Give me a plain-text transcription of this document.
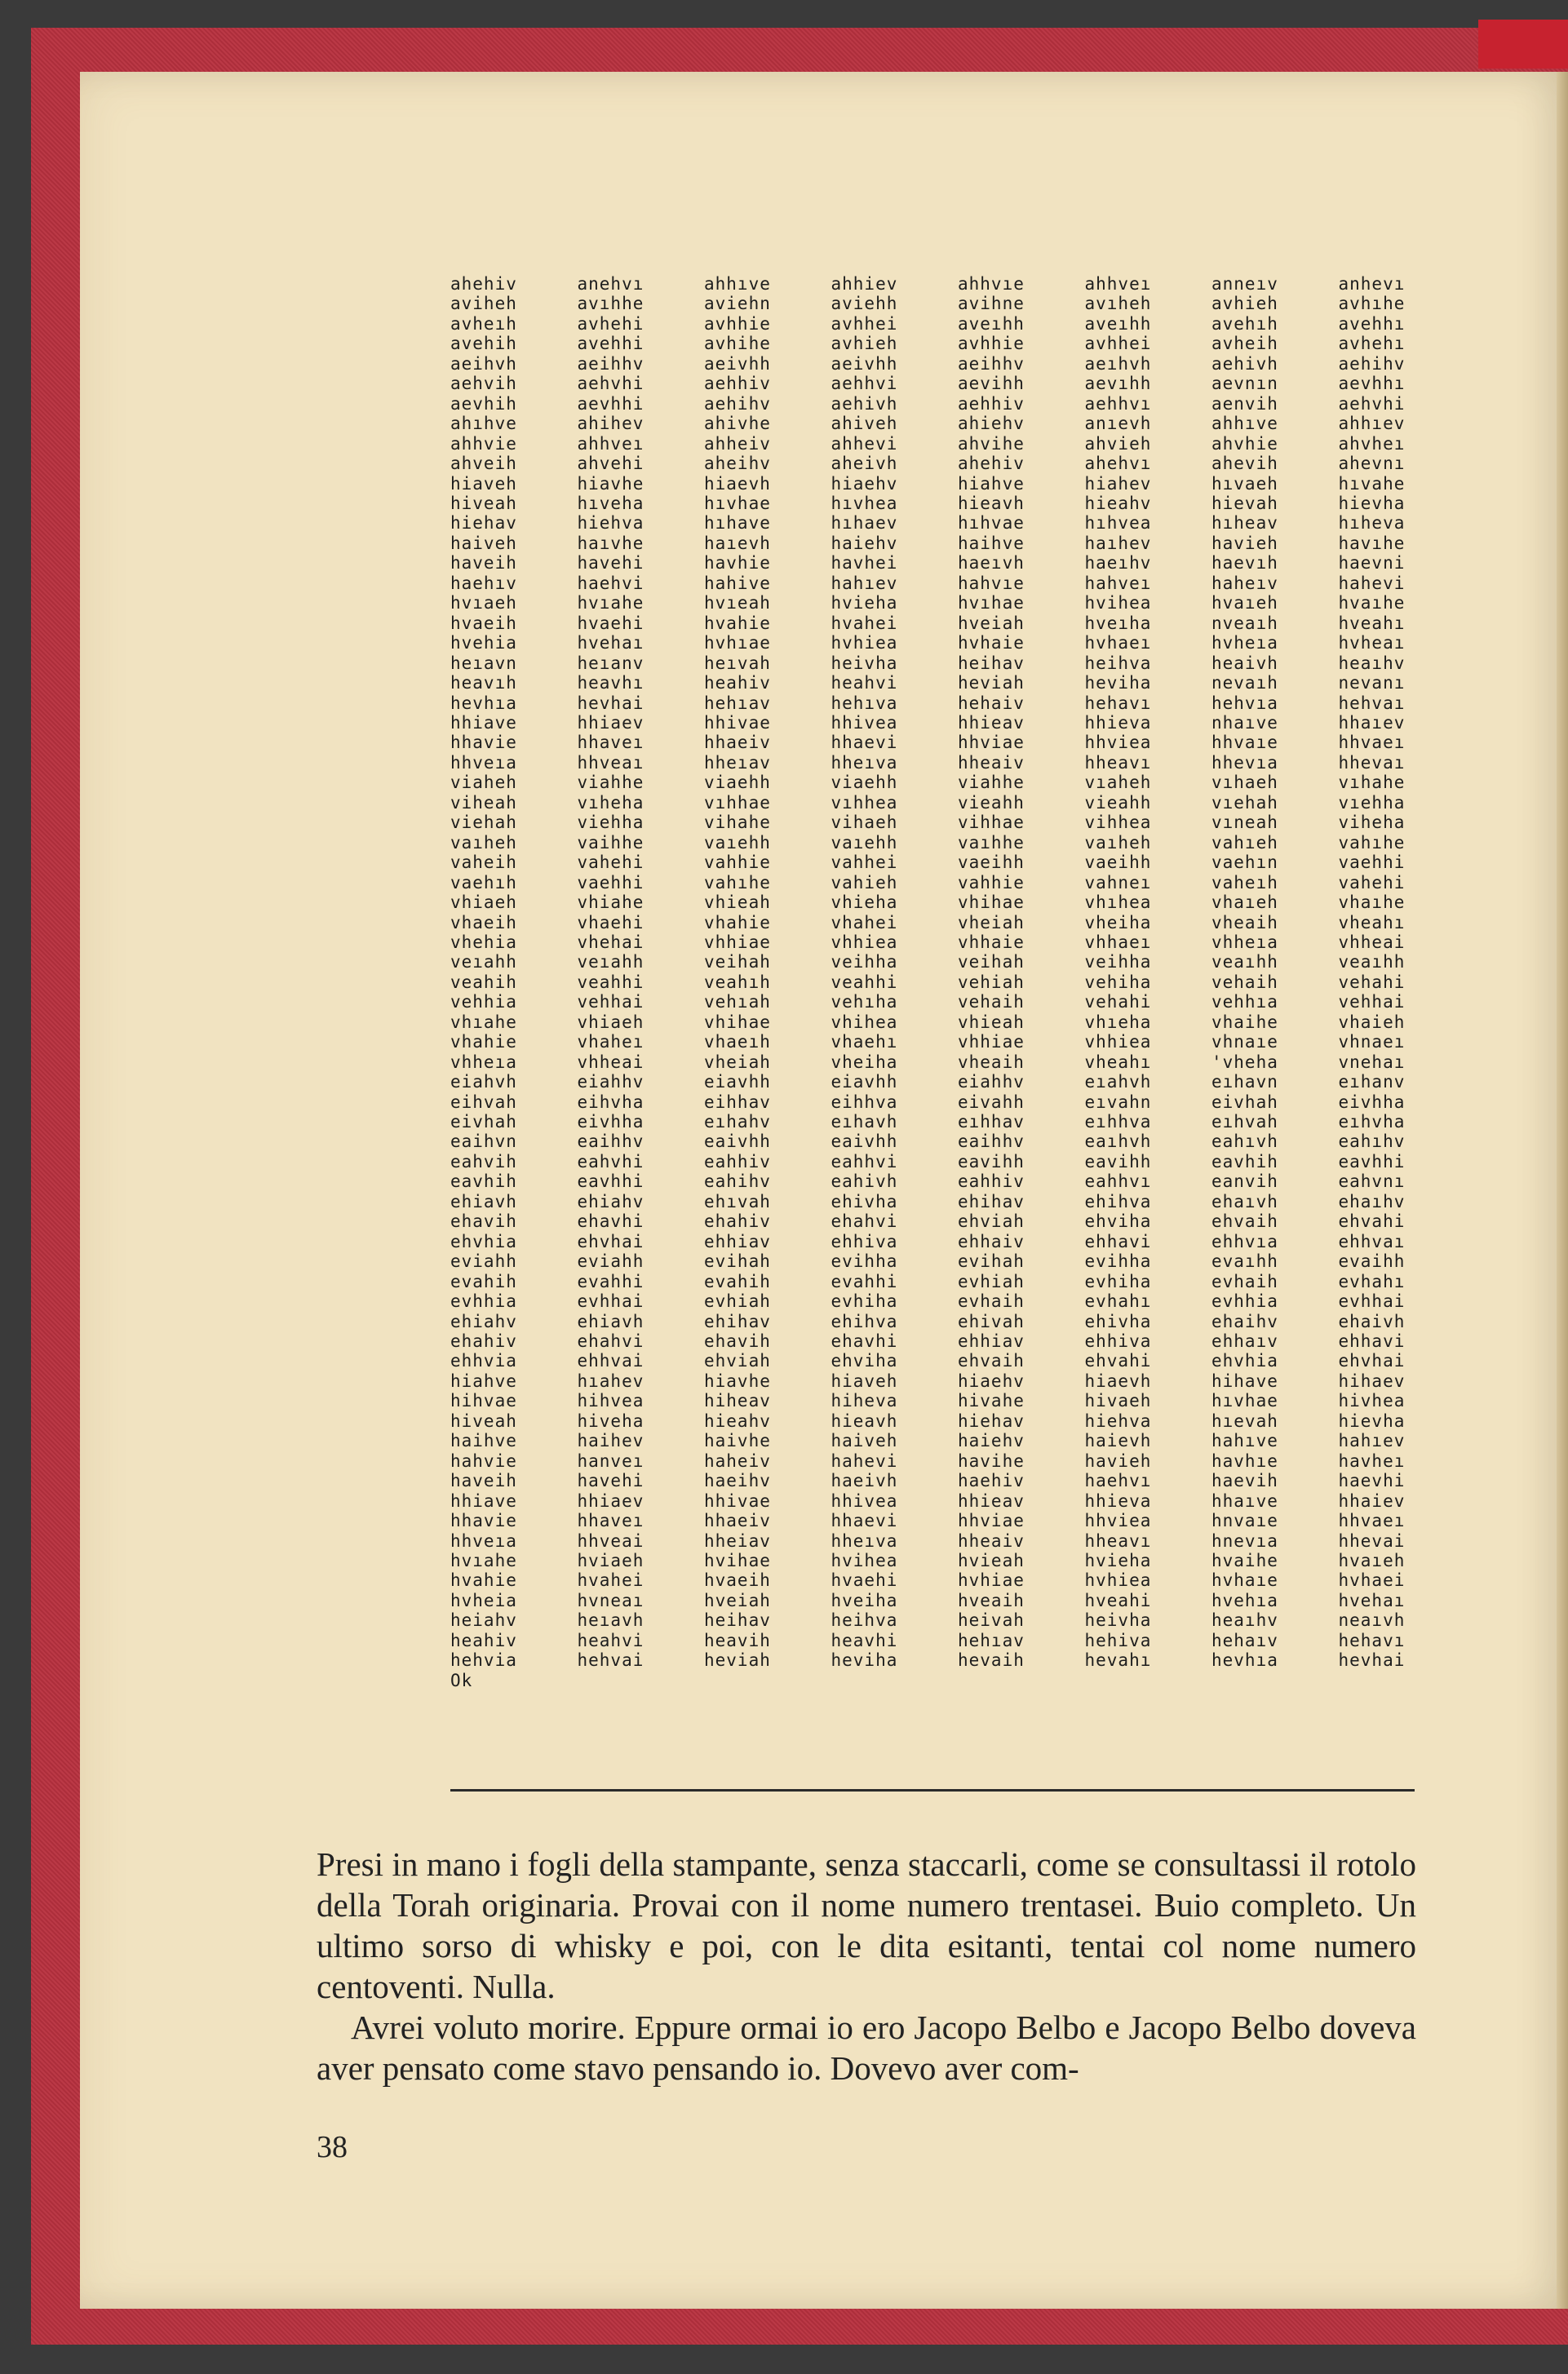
ahehiv	anehvı	ahhıve	ahhiev	ahhvıe	ahhveı	anneıv	anhevı
aviheh	avıhhe	aviehn	aviehh	avihne	avıheh	avhieh	avhıhe
avheıh	avhehi	avhhie	avhhei	aveıhh	aveıhh	avehıh	avehhı
avehih	avehhi	avhihe	avhieh	avhhie	avhhei	avheih	avhehı
aeihvh	aeihhv	aeivhh	aeivhh	aeihhv	aeıhvh	aehivh	aehihv
aehvih	aehvhi	aehhiv	aehhvi	aevihh	aevıhh	aevnın	aevhhı
aevhih	aevhhi	aehihv	aehivh	aehhiv	aehhvı	aenvih	aehvhi
ahıhve	ahihev	ahivhe	ahiveh	ahiehv	anıevh	ahhıve	ahhıev
ahhvie	ahhveı	ahheiv	ahhevi	ahvihe	ahvieh	ahvhie	ahvheı
ahveih	ahvehi	aheihv	aheivh	ahehiv	ahehvı	ahevih	ahevnı
hiaveh	hiavhe	hiaevh	hiaehv	hiahve	hiahev	hıvaeh	hıvahe
hiveah	hıveha	hıvhae	hıvhea	hieavh	hieahv	hievah	hievha
hiehav	hiehva	hıhave	hıhaev	hıhvae	hıhvea	hıheav	hıheva
haiveh	haıvhe	haıevh	haiehv	haihve	haıhev	havieh	havıhe
haveih	havehi	havhie	havhei	haeıvh	haeıhv	haevıh	haevni
haehıv	haehvi	hahive	hahıev	hahvıe	hahveı	haheıv	hahevi
hvıaeh	hvıahe	hvıeah	hvieha	hvıhae	hvihea	hvaıeh	hvaıhe
hvaeih	hvaehi	hvahie	hvahei	hveiah	hveıha	nveaıh	hveahı
hvehia	hvehaı	hvhıae	hvhiea	hvhaie	hvhaeı	hvheıa	hvheaı
heıavn	heıanv	heıvah	heivha	heihav	heihva	heaivh	heaıhv
heavıh	heavhı	heahiv	heahvi	heviah	heviha	nevaıh	nevanı
hevhıa	hevhai	hehıav	hehıva	hehaiv	hehavı	hehvıa	hehvaı
hhiave	hhiaev	hhivae	hhivea	hhieav	hhieva	nhaıve	hhaıev
hhavie	hhaveı	hhaeiv	hhaevi	hhviae	hhviea	hhvaıe	hhvaeı
hhveıa	hhveaı	hheıav	hheıva	hheaiv	hheavı	hhevıa	hhevaı
viaheh	viahhe	viaehh	viaehh	viahhe	vıaheh	vıhaeh	vıhahe
viheah	vıheha	vıhhae	vıhhea	vieahh	vieahh	vıehah	vıehha
viehah	viehha	vihahe	vihaeh	vihhae	vihhea	vıneah	viheha
vaıheh	vaihhe	vaıehh	vaıehh	vaıhhe	vaıheh	vahıeh	vahıhe
vaheih	vahehi	vahhie	vahhei	vaeihh	vaeihh	vaehın	vaehhi
vaehıh	vaehhi	vahıhe	vahieh	vahhie	vahneı	vaheıh	vahehi
vhiaeh	vhiahe	vhieah	vhieha	vhihae	vhıhea	vhaıeh	vhaıhe
vhaeih	vhaehi	vhahie	vhahei	vheiah	vheiha	vheaih	vheahı
vhehia	vhehai	vhhiae	vhhiea	vhhaie	vhhaeı	vhheıa	vhheai
veıahh	veıahh	veihah	veihha	veihah	veihha	veaıhh	veaıhh
veahih	veahhi	veahıh	veahhi	vehiah	vehiha	vehaih	vehahi
vehhia	vehhai	vehıah	vehıha	vehaih	vehahi	vehhıa	vehhai
vhıahe	vhiaeh	vhihae	vhihea	vhieah	vhıeha	vhaihe	vhaieh
vhahie	vhaheı	vhaeıh	vhaehı	vhhiae	vhhiea	vhnaıe	vhnaeı
vhheıa	vhheai	vheiah	vheiha	vheaih	vheahı	'vheha	vnehaı
eiahvh	eiahhv	eiavhh	eiavhh	eiahhv	eıahvh	eıhavn	eıhanv
eihvah	eihvha	eihhav	eihhva	eivahh	eıvahn	eivhah	eivhha
eivhah	eivhha	eıhahv	eıhavh	eıhhav	eıhhva	eıhvah	eıhvha
eaihvn	eaihhv	eaivhh	eaivhh	eaihhv	eaıhvh	eahıvh	eahıhv
eahvih	eahvhi	eahhiv	eahhvi	eavihh	eavihh	eavhih	eavhhi
eavhih	eavhhi	eahihv	eahivh	eahhiv	eahhvı	eanvih	eahvnı
ehiavh	ehiahv	ehıvah	ehivha	ehihav	ehihva	ehaıvh	ehaıhv
ehavih	ehavhi	ehahiv	ehahvi	ehviah	ehviha	ehvaih	ehvahi
ehvhia	ehvhai	ehhiav	ehhiva	ehhaiv	ehhavi	ehhvıa	ehhvaı
eviahh	eviahh	evihah	evihha	evihah	evihha	evaıhh	evaihh
evahih	evahhi	evahih	evahhi	evhiah	evhiha	evhaih	evhahı
evhhia	evhhai	evhiah	evhiha	evhaih	evhahı	evhhia	evhhai
ehiahv	ehiavh	ehihav	ehihva	ehivah	ehivha	ehaihv	ehaivh
ehahiv	ehahvi	ehavih	ehavhi	ehhiav	ehhiva	ehhaıv	ehhavi
ehhvia	ehhvai	ehviah	ehviha	ehvaih	ehvahi	ehvhia	ehvhai
hiahve	hıahev	hiavhe	hiaveh	hiaehv	hiaevh	hihave	hihaev
hihvae	hihvea	hiheav	hiheva	hivahe	hivaeh	hıvhae	hivhea
hiveah	hiveha	hieahv	hieavh	hiehav	hiehva	hıevah	hievha
haihve	haihev	haivhe	haiveh	haiehv	haievh	hahıve	hahıev
hahvie	hanveı	haheiv	hahevi	havihe	havieh	havhıe	havheı
haveih	havehi	haeihv	haeivh	haehiv	haehvı	haevih	haevhi
hhiave	hhiaev	hhivae	hhivea	hhieav	hhieva	hhaıve	hhaiev
hhavie	hhaveı	hhaeiv	hhaevi	hhviae	hhviea	hnvaıe	hhvaeı
hhveıa	hhveai	hheiav	hheıva	hheaiv	hheavı	hnevıa	hhevai
hvıahe	hviaeh	hvihae	hvihea	hvieah	hvieha	hvaihe	hvaıeh
hvahie	hvahei	hvaeih	hvaehi	hvhiae	hvhiea	hvhaıe	hvhaei
hvheia	hvneaı	hveiah	hveiha	hveaih	hveahi	hvehıa	hvehaı
heiahv	heıavh	heihav	heihva	heivah	heivha	heaıhv	neaıvh
heahiv	heahvi	heavih	heavhi	hehıav	hehiva	hehaıv	hehavı
hehvia	hehvai	heviah	heviha	hevaih	hevahı	hevhıa	hevhai
Ok

Presi in mano i fogli della stampante, senza staccarli, come se consultassi il rotolo della Torah originaria. Provai con il nome numero trentasei. Buio completo. Un ultimo sorso di whisky e poi, con le dita esitanti, tentai col nome numero centoventi. Nulla.

Avrei voluto morire. Eppure ormai io ero Jacopo Belbo e Jacopo Belbo doveva aver pensato come stavo pensando io. Dovevo aver com-

38
